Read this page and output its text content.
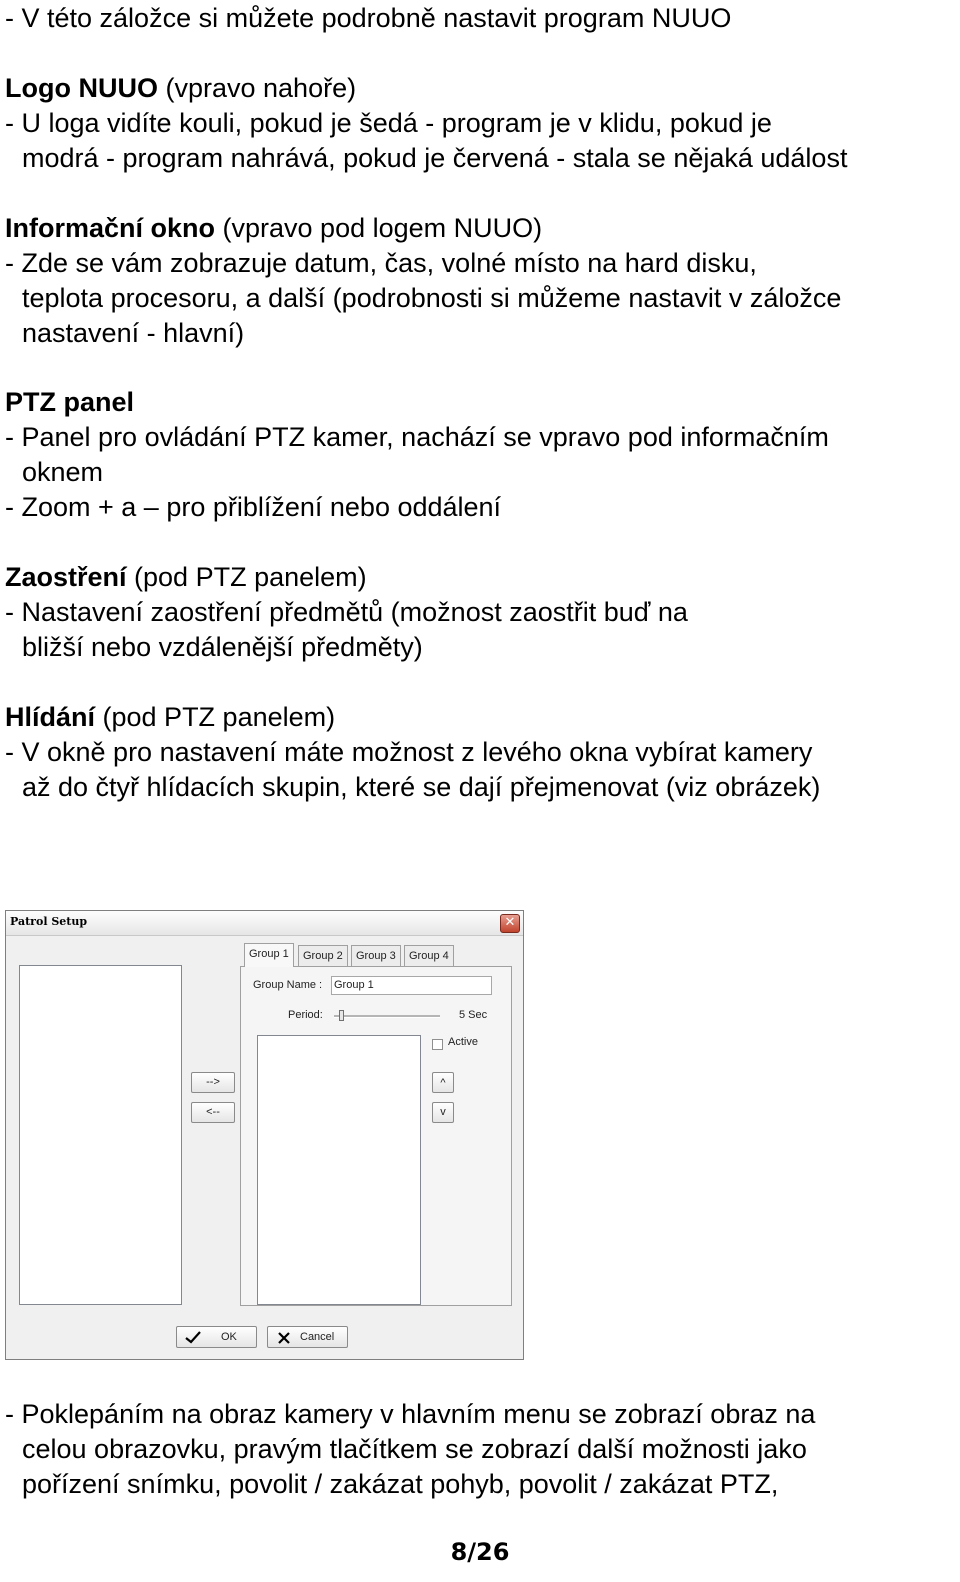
- V této záložce si můžete podrobně nastavit program NUUO
Logo NUUO (vpravo nahoře)
- U loga vidíte kouli, pokud je šedá - program je v klidu, pokud je
modrá - program nahrává, pokud je červená - stala se nějaká událost
Informační okno (vpravo pod logem NUUO)
- Zde se vám zobrazuje datum, čas, volné místo na hard disku,
teplota procesoru, a další (podrobnosti si můžeme nastavit v záložce
nastavení - hlavní)
PTZ panel
- Panel pro ovládání PTZ kamer, nachází se vpravo pod informačním
oknem
- Zoom + a – pro přiblížení nebo oddálení
Zaostření (pod PTZ panelem)
- Nastavení zaostření předmětů (možnost zaostřit buď na
bližší nebo vzdálenější předměty)
Hlídání (pod PTZ panelem)
- V okně pro nastavení máte možnost z levého okna vybírat kamery
až do čtyř hlídacích skupin, které se dají přejmenovat (viz obrázek)
Patrol Setup	✕
-->
<--
Group 1	Group 2	Group 3	Group 4
Group Name : Group 1
Period:	5 Sec
Active
^
v
OK	Cancel
- Poklepáním na obraz kamery v hlavním menu se zobrazí obraz na
celou obrazovku, pravým tlačítkem se zobrazí další možnosti jako
pořízení snímku, povolit / zakázat pohyb, povolit / zakázat PTZ,
8/26
